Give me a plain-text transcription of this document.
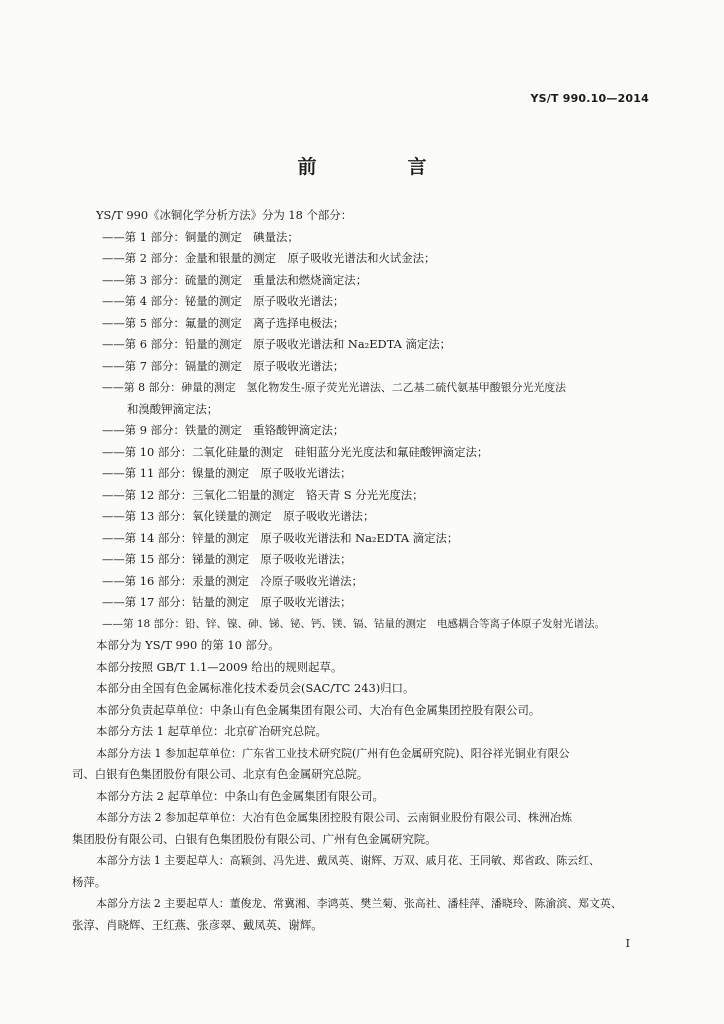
YS/T 990.10—2014
前　言
YS/T 990《冰铜化学分析方法》分为 18 个部分：
——第 1 部分：铜量的测定　碘量法；
——第 2 部分：金量和银量的测定　原子吸收光谱法和火试金法；
——第 3 部分：硫量的测定　重量法和燃烧滴定法；
——第 4 部分：铋量的测定　原子吸收光谱法；
——第 5 部分：氟量的测定　离子选择电极法；
——第 6 部分：铅量的测定　原子吸收光谱法和 Na₂EDTA 滴定法；
——第 7 部分：镉量的测定　原子吸收光谱法；
——第 8 部分：砷量的测定　氢化物发生-原子荧光光谱法、二乙基二硫代氨基甲酸银分光光度法
和溴酸钾滴定法；
——第 9 部分：铁量的测定　重铬酸钾滴定法；
——第 10 部分：二氧化硅量的测定　硅钼蓝分光光度法和氟硅酸钾滴定法；
——第 11 部分：镍量的测定　原子吸收光谱法；
——第 12 部分：三氧化二铝量的测定　铬天青 S 分光光度法；
——第 13 部分：氧化镁量的测定　原子吸收光谱法；
——第 14 部分：锌量的测定　原子吸收光谱法和 Na₂EDTA 滴定法；
——第 15 部分：锑量的测定　原子吸收光谱法；
——第 16 部分：汞量的测定　冷原子吸收光谱法；
——第 17 部分：钴量的测定　原子吸收光谱法；
——第 18 部分：铅、锌、镍、砷、锑、铋、钙、镁、镉、钴量的测定　电感耦合等离子体原子发射光谱法。
本部分为 YS/T 990 的第 10 部分。
本部分按照 GB/T 1.1—2009 给出的规则起草。
本部分由全国有色金属标准化技术委员会(SAC/TC 243)归口。
本部分负责起草单位：中条山有色金属集团有限公司、大冶有色金属集团控股有限公司。
本部分方法 1 起草单位：北京矿冶研究总院。
本部分方法 1 参加起草单位：广东省工业技术研究院(广州有色金属研究院)、阳谷祥光铜业有限公
司、白银有色集团股份有限公司、北京有色金属研究总院。
本部分方法 2 起草单位：中条山有色金属集团有限公司。
本部分方法 2 参加起草单位：大冶有色金属集团控股有限公司、云南铜业股份有限公司、株洲冶炼
集团股份有限公司、白银有色集团股份有限公司、广州有色金属研究院。
本部分方法 1 主要起草人：高颖剑、冯先进、戴凤英、谢辉、万双、戚月花、王同敏、郑省政、陈云红、
杨萍。
本部分方法 2 主要起草人：董俊龙、常冀湘、李鸿英、樊兰菊、张高社、潘桂萍、潘晓玲、陈渝滨、郑文英、
张淳、肖晓辉、王红燕、张彦翠、戴凤英、谢辉。
I
